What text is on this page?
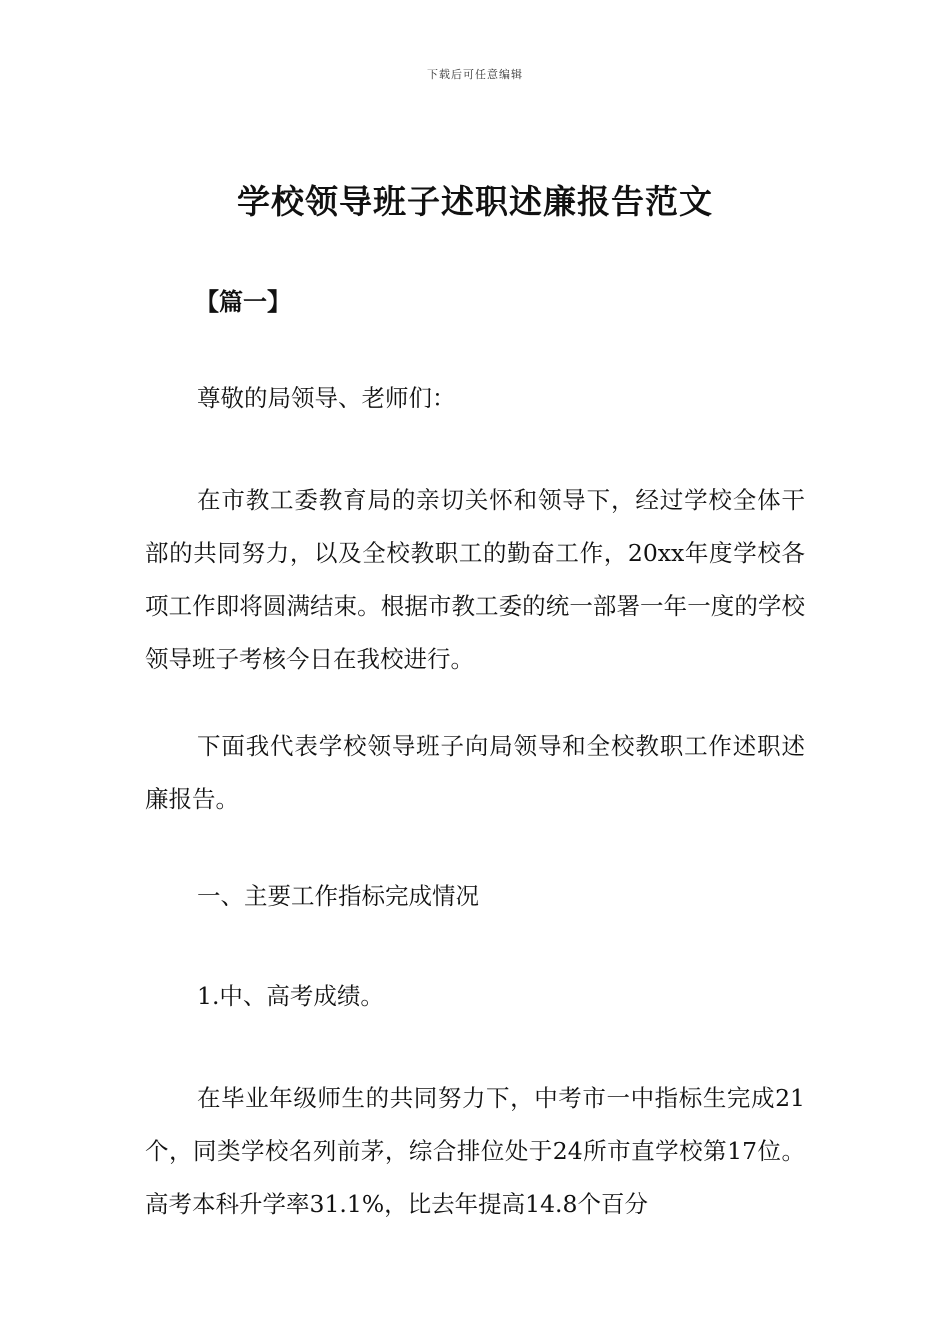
下载后可任意编辑
学校领导班子述职述廉报告范文
【篇一】

尊敬的局领导、老师们：

在市教工委教育局的亲切关怀和领导下，经过学校全体干部的共同努力，以及全校教职工的勤奋工作，20xx年度学校各项工作即将圆满结束。根据市教工委的统一部署一年一度的学校领导班子考核今日在我校进行。

下面我代表学校领导班子向局领导和全校教职工作述职述廉报告。

一、主要工作指标完成情况

1.中、高考成绩。

在毕业年级师生的共同努力下，中考市一中指标生完成21个，同类学校名列前茅，综合排位处于24所市直学校第17位。高考本科升学率31.1%，比去年提高14.8个百分
